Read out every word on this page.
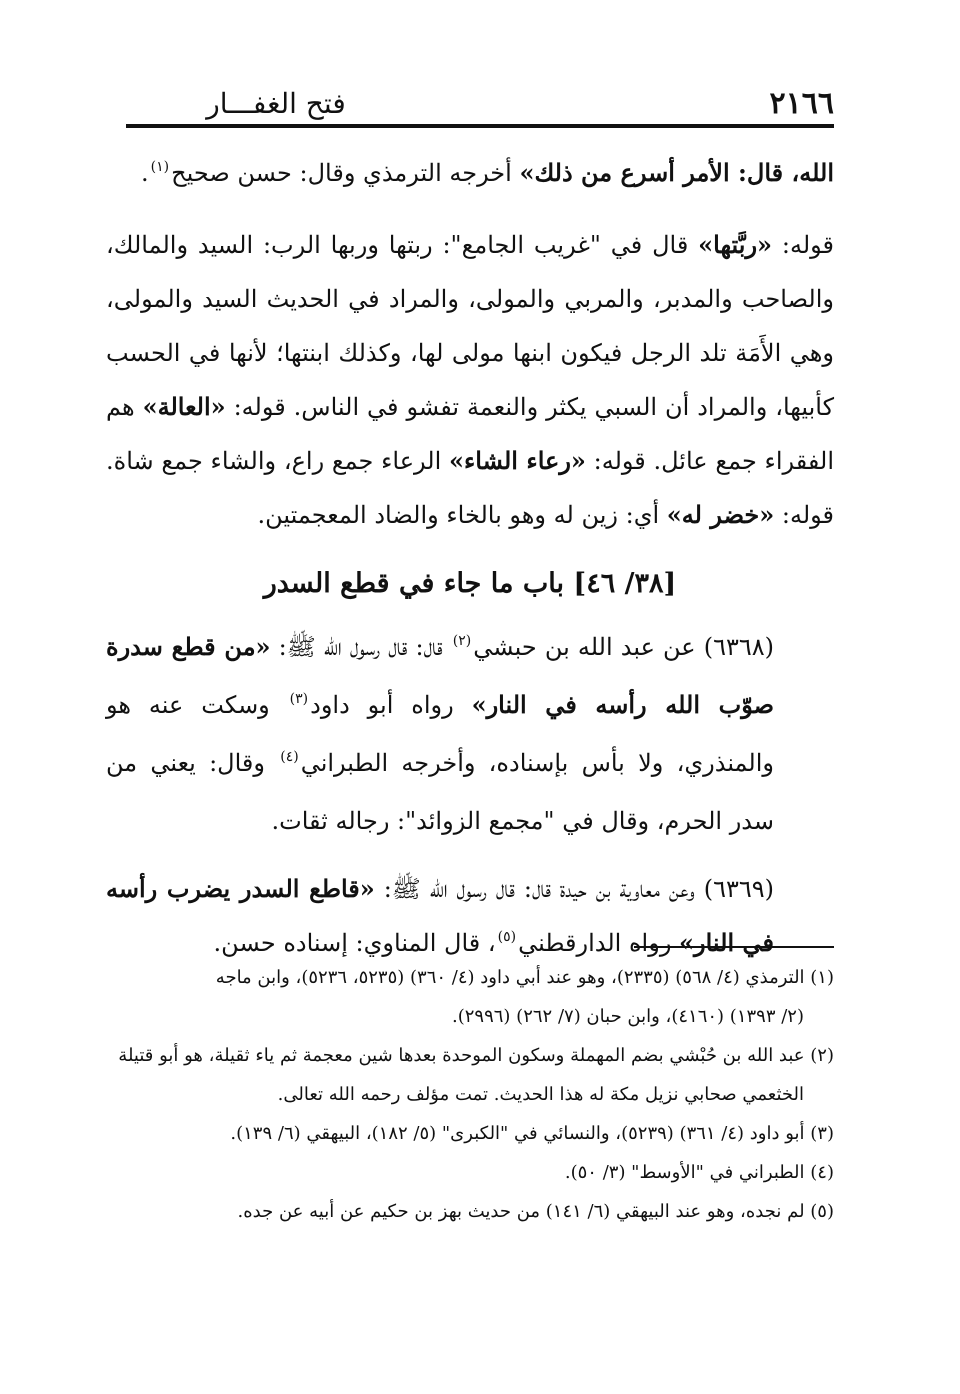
٢١٦٦
فتح الغفـــار

الله، قال: الأمر أسرع من ذلك» أخرجه الترمذي وقال: حسن صحيح$^{(١)}$.

قوله: «ربَّتها» قال في "غريب الجامع": ربتها وربها الرب: السيد والمالك، والصاحب والمدبر، والمربي والمولى، والمراد في الحديث السيد والمولى، وهي الأَمَة تلد الرجل فيكون ابنها مولى لها، وكذلك ابنتها؛ لأنها في الحسب كأبيها، والمراد أن السبي يكثر والنعمة تفشو في الناس. قوله: «العالة» هم الفقراء جمع عائل. قوله: «رعاء الشاء» الرعاء جمع راع، والشاء جمع شاة. قوله: «خضر له» أي: زين له وهو بالخاء والضاد المعجمتين.

[٣٨/ ٤٦] باب ما جاء في قطع السدر

(٦٣٦٨) عن عبد الله بن حبشي$^{(٢)}$ قال: قال رسول الله ﷺ: «من قطع سدرة صوّب الله رأسه في النار» رواه أبو داود$^{(٣)}$ وسكت عنه هو والمنذري، ولا بأس بإسناده، وأخرجه الطبراني$^{(٤)}$ وقال: يعني من سدر الحرم، وقال في "مجمع الزوائد": رجاله ثقات.

(٦٣٦٩) وعن معاوية بن حيدة قال: قال رسول الله ﷺ: «قاطع السدر يضرب رأسه في النار» رواه الدارقطني$^{(٥)}$، قال المناوي: إسناده حسن.

(١) الترمذي (٤/ ٥٦٨) (٢٣٣٥)، وهو عند أبي داود (٤/ ٣٦٠) (٥٢٣٥، ٥٢٣٦)، وابن ماجه

(٢/ ١٣٩٣) (٤١٦٠)، وابن حبان (٧/ ٢٦٢) (٢٩٩٦).

(٢) عبد الله بن حُبْشي بضم المهملة وسكون الموحدة بعدها شين معجمة ثم ياء ثقيلة، هو أبو قتيلة

الخثعمي صحابي نزيل مكة له هذا الحديث. تمت مؤلف رحمه الله تعالى.

(٣) أبو داود (٤/ ٣٦١) (٥٢٣٩)، والنسائي في "الكبرى" (٥/ ١٨٢)، البيهقي (٦/ ١٣٩).

(٤) الطبراني في "الأوسط" (٣/ ٥٠).

(٥) لم نجده، وهو عند البيهقي (٦/ ١٤١) من حديث بهز بن حكيم عن أبيه عن جده.
